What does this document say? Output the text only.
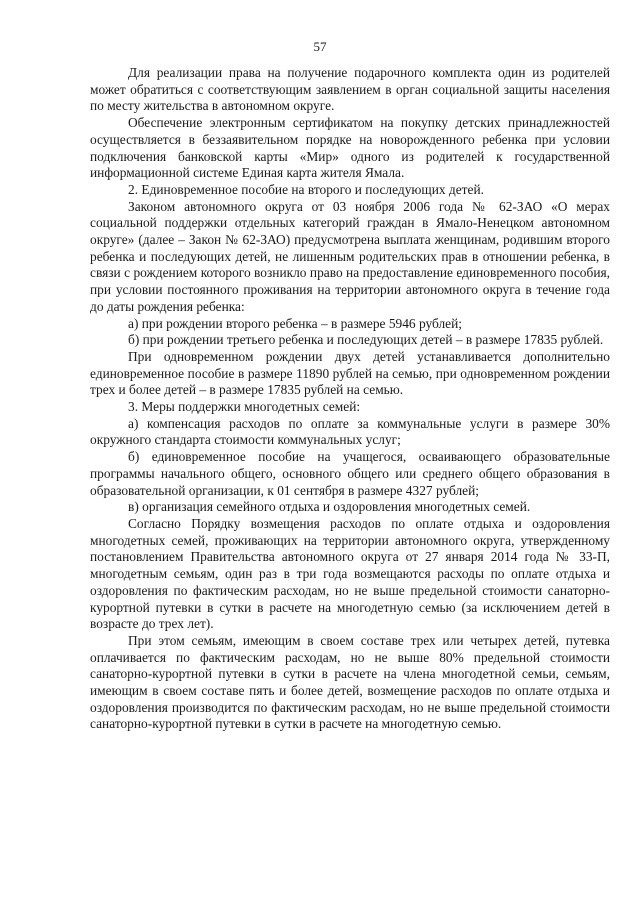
57

Для реализации права на получение подарочного комплекта один из родителей может обратиться с соответствующим заявлением в орган социальной защиты населения по месту жительства в автономном округе.

Обеспечение электронным сертификатом на покупку детских принадлежностей осуществляется в беззаявительном порядке на новорожденного ребенка при условии подключения банковской карты «Мир» одного из родителей к государственной информационной системе Единая карта жителя Ямала.

2. Единовременное пособие на второго и последующих детей.

Законом автономного округа от 03 ноября 2006 года № 62-ЗАО «О мерах социальной поддержки отдельных категорий граждан в Ямало-Ненецком автономном округе» (далее – Закон № 62-ЗАО) предусмотрена выплата женщинам, родившим второго ребенка и последующих детей, не лишенным родительских прав в отношении ребенка, в связи с рождением которого возникло право на предоставление единовременного пособия, при условии постоянного проживания на территории автономного округа в течение года до даты рождения ребенка:

а) при рождении второго ребенка – в размере 5946 рублей;

б) при рождении третьего ребенка и последующих детей – в размере 17835 рублей.

При одновременном рождении двух детей устанавливается дополнительно единовременное пособие в размере 11890 рублей на семью, при одновременном рождении трех и более детей – в размере 17835 рублей на семью.

3. Меры поддержки многодетных семей:

а) компенсация расходов по оплате за коммунальные услуги в размере 30% окружного стандарта стоимости коммунальных услуг;

б) единовременное пособие на учащегося, осваивающего образовательные программы начального общего, основного общего или среднего общего образования в образовательной организации, к 01 сентября в размере 4327 рублей;

в) организация семейного отдыха и оздоровления многодетных семей.

Согласно Порядку возмещения расходов по оплате отдыха и оздоровления многодетных семей, проживающих на территории автономного округа, утвержденному постановлением Правительства автономного округа от 27 января 2014 года № 33-П, многодетным семьям, один раз в три года возмещаются расходы по оплате отдыха и оздоровления по фактическим расходам, но не выше предельной стоимости санаторно-курортной путевки в сутки в расчете на многодетную семью (за исключением детей в возрасте до трех лет).

При этом семьям, имеющим в своем составе трех или четырех детей, путевка оплачивается по фактическим расходам, но не выше 80% предельной стоимости санаторно-курортной путевки в сутки в расчете на члена многодетной семьи, семьям, имеющим в своем составе пять и более детей, возмещение расходов по оплате отдыха и оздоровления производится по фактическим расходам, но не выше предельной стоимости санаторно-курортной путевки в сутки в расчете на многодетную семью.
